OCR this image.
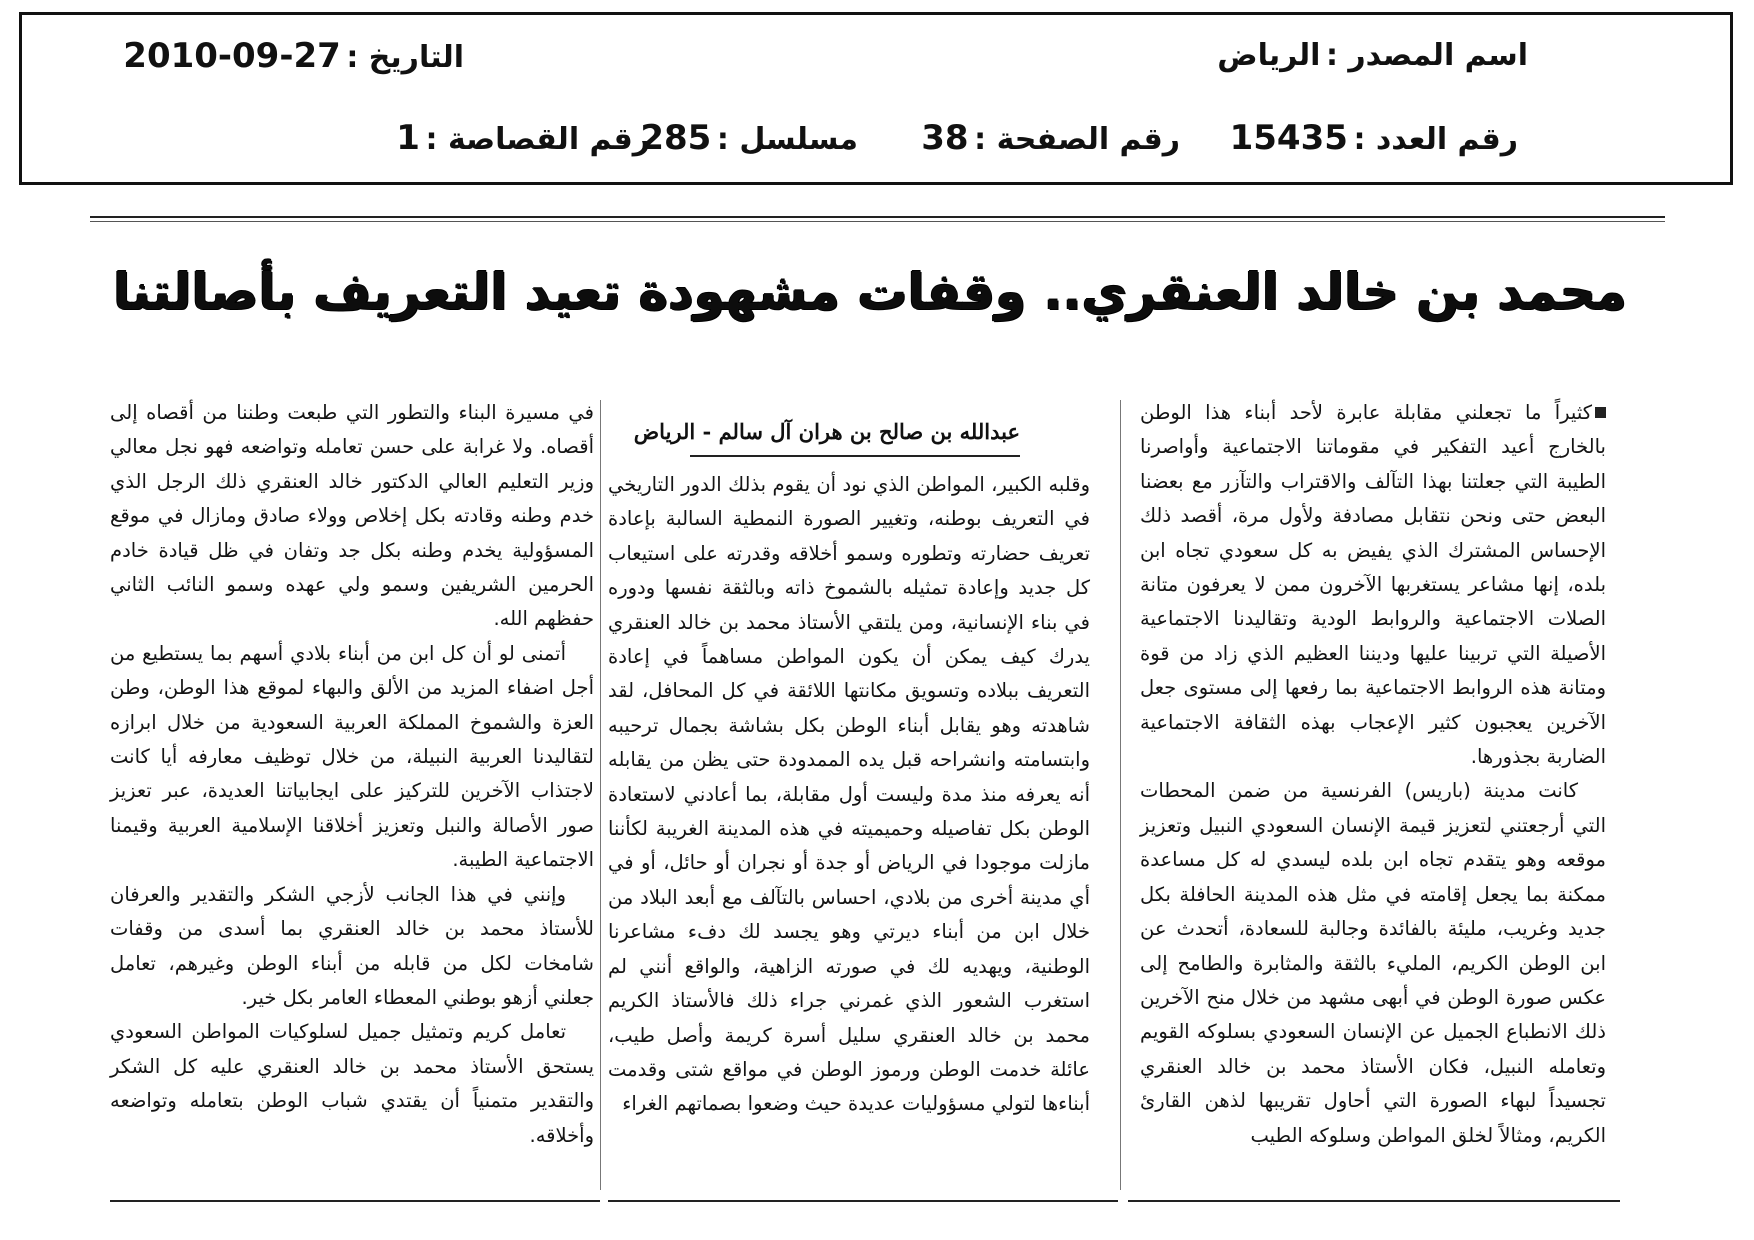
اسم المصدر : الرياض
التاريخ : 2010-09-27
رقم العدد : 15435
رقم الصفحة : 38
مسلسل : 285
رقم القصاصة : 1
محمد بن خالد العنقري.. وقفات مشهودة تعيد التعريف بأصالتنا
عبدالله بن صالح بن هران آل سالم - الرياض

كثيراً ما تجعلني مقابلة عابرة لأحد أبناء هذا الوطن بالخارج أعيد التفكير في مقوماتنا الاجتماعية وأواصرنا الطيبة التي جعلتنا بهذا التآلف والاقتراب والتآزر مع بعضنا البعض حتى ونحن نتقابل مصادفة ولأول مرة، أقصد ذلك الإحساس المشترك الذي يفيض به كل سعودي تجاه ابن بلده، إنها مشاعر يستغربها الآخرون ممن لا يعرفون متانة الصلات الاجتماعية والروابط الودية وتقاليدنا الاجتماعية الأصيلة التي تربينا عليها وديننا العظيم الذي زاد من قوة ومتانة هذه الروابط الاجتماعية بما رفعها إلى مستوى جعل الآخرين يعجبون كثير الإعجاب بهذه الثقافة الاجتماعية الضاربة بجذورها.

كانت مدينة (باريس) الفرنسية من ضمن المحطات التي أرجعتني لتعزيز قيمة الإنسان السعودي النبيل وتعزيز موقعه وهو يتقدم تجاه ابن بلده ليسدي له كل مساعدة ممكنة بما يجعل إقامته في مثل هذه المدينة الحافلة بكل جديد وغريب، مليئة بالفائدة وجالبة للسعادة، أتحدث عن ابن الوطن الكريم، المليء بالثقة والمثابرة والطامح إلى عكس صورة الوطن في أبهى مشهد من خلال منح الآخرين ذلك الانطباع الجميل عن الإنسان السعودي بسلوكه القويم وتعامله النبيل، فكان الأستاذ محمد بن خالد العنقري تجسيداً لبهاء الصورة التي أحاول تقريبها لذهن القارئ الكريم، ومثالاً لخلق المواطن وسلوكه الطيب

وقلبه الكبير، المواطن الذي نود أن يقوم بذلك الدور التاريخي في التعريف بوطنه، وتغيير الصورة النمطية السالبة بإعادة تعريف حضارته وتطوره وسمو أخلاقه وقدرته على استيعاب كل جديد وإعادة تمثيله بالشموخ ذاته وبالثقة نفسها ودوره في بناء الإنسانية، ومن يلتقي الأستاذ محمد بن خالد العنقري يدرك كيف يمكن أن يكون المواطن مساهماً في إعادة التعريف ببلاده وتسويق مكانتها اللائقة في كل المحافل، لقد شاهدته وهو يقابل أبناء الوطن بكل بشاشة بجمال ترحيبه وابتسامته وانشراحه قبل يده الممدودة حتى يظن من يقابله أنه يعرفه منذ مدة وليست أول مقابلة، بما أعادني لاستعادة الوطن بكل تفاصيله وحميميته في هذه المدينة الغريبة لكأننا مازلت موجودا في الرياض أو جدة أو نجران أو حائل، أو في أي مدينة أخرى من بلادي، احساس بالتآلف مع أبعد البلاد من خلال ابن من أبناء ديرتي وهو يجسد لك دفء مشاعرنا الوطنية، ويهديه لك في صورته الزاهية، والواقع أنني لم استغرب الشعور الذي غمرني جراء ذلك فالأستاذ الكريم محمد بن خالد العنقري سليل أسرة كريمة وأصل طيب، عائلة خدمت الوطن ورموز الوطن في مواقع شتى وقدمت أبناءها لتولي مسؤوليات عديدة حيث وضعوا بصماتهم الغراء

في مسيرة البناء والتطور التي طبعت وطننا من أقصاه إلى أقصاه. ولا غرابة على حسن تعامله وتواضعه فهو نجل معالي وزير التعليم العالي الدكتور خالد العنقري ذلك الرجل الذي خدم وطنه وقادته بكل إخلاص وولاء صادق ومازال في موقع المسؤولية يخدم وطنه بكل جد وتفان في ظل قيادة خادم الحرمين الشريفين وسمو ولي عهده وسمو النائب الثاني حفظهم الله.

أتمنى لو أن كل ابن من أبناء بلادي أسهم بما يستطيع من أجل اضفاء المزيد من الألق والبهاء لموقع هذا الوطن، وطن العزة والشموخ المملكة العربية السعودية من خلال ابرازه لتقاليدنا العربية النبيلة، من خلال توظيف معارفه أيا كانت لاجتذاب الآخرين للتركيز على ايجابياتنا العديدة، عبر تعزيز صور الأصالة والنبل وتعزيز أخلاقنا الإسلامية العربية وقيمنا الاجتماعية الطيبة.

وإنني في هذا الجانب لأزجي الشكر والتقدير والعرفان للأستاذ محمد بن خالد العنقري بما أسدى من وقفات شامخات لكل من قابله من أبناء الوطن وغيرهم، تعامل جعلني أزهو بوطني المعطاء العامر بكل خير.

تعامل كريم وتمثيل جميل لسلوكيات المواطن السعودي يستحق الأستاذ محمد بن خالد العنقري عليه كل الشكر والتقدير متمنياً أن يقتدي شباب الوطن بتعامله وتواضعه وأخلاقه.
